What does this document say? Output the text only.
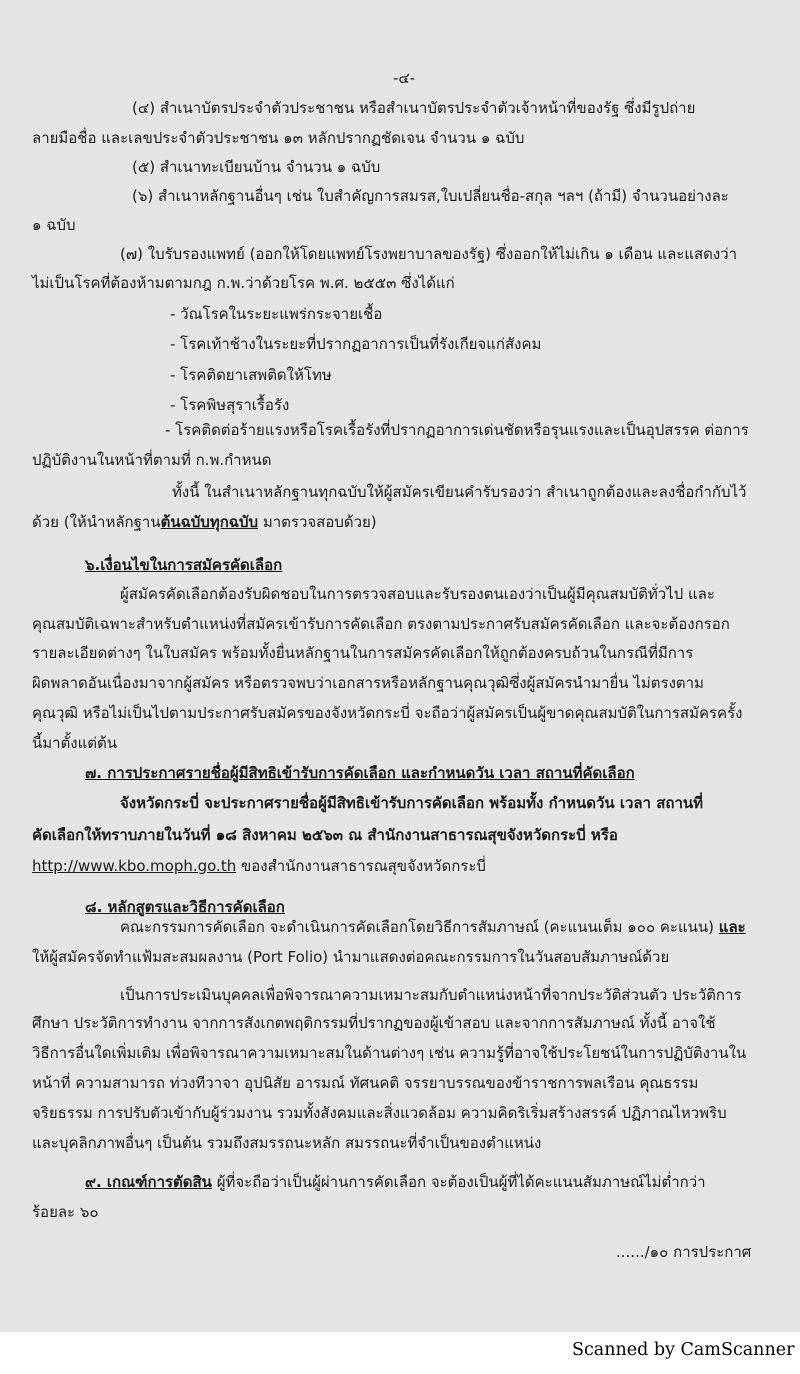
-๔-
(๔) สำเนาบัตรประจำตัวประชาชน หรือสำเนาบัตรประจำตัวเจ้าหน้าที่ของรัฐ ซึ่งมีรูปถ่าย
ลายมือชื่อ และเลขประจำตัวประชาชน ๑๓ หลักปรากฏชัดเจน จำนวน ๑ ฉบับ
(๕) สำเนาทะเบียนบ้าน จำนวน ๑ ฉบับ
(๖) สำเนาหลักฐานอื่นๆ เช่น ใบสำคัญการสมรส,ใบเปลี่ยนชื่อ-สกุล ฯลฯ (ถ้ามี) จำนวนอย่างละ
๑ ฉบับ
(๗) ใบรับรองแพทย์ (ออกให้โดยแพทย์โรงพยาบาลของรัฐ) ซึ่งออกให้ไม่เกิน ๑ เดือน และแสดงว่า
ไม่เป็นโรคที่ต้องห้ามตามกฎ ก.พ.ว่าด้วยโรค พ.ศ. ๒๕๕๓ ซึ่งได้แก่
- วัณโรคในระยะแพร่กระจายเชื้อ
- โรคเท้าช้างในระยะที่ปรากฏอาการเป็นที่รังเกียจแก่สังคม
- โรคติดยาเสพติดให้โทษ
- โรคพิษสุราเรื้อรัง
- โรคติดต่อร้ายแรงหรือโรคเรื้อรังที่ปรากฏอาการเด่นชัดหรือรุนแรงและเป็นอุปสรรค ต่อการ
ปฏิบัติงานในหน้าที่ตามที่ ก.พ.กำหนด
ทั้งนี้ ในสำเนาหลักฐานทุกฉบับให้ผู้สมัครเขียนคำรับรองว่า สำเนาถูกต้องและลงชื่อกำกับไว้
ด้วย (ให้นำหลักฐานต้นฉบับทุกฉบับ มาตรวจสอบด้วย)
๖.เงื่อนไขในการสมัครคัดเลือก
ผู้สมัครคัดเลือกต้องรับผิดชอบในการตรวจสอบและรับรองตนเองว่าเป็นผู้มีคุณสมบัติทั่วไป และ
คุณสมบัติเฉพาะสำหรับตำแหน่งที่สมัครเข้ารับการคัดเลือก ตรงตามประกาศรับสมัครคัดเลือก และจะต้องกรอก
รายละเอียดต่างๆ ในใบสมัคร พร้อมทั้งยื่นหลักฐานในการสมัครคัดเลือกให้ถูกต้องครบถ้วนในกรณีที่มีการ
ผิดพลาดอันเนื่องมาจากผู้สมัคร หรือตรวจพบว่าเอกสารหรือหลักฐานคุณวุฒิซึ่งผู้สมัครนำมายื่น ไม่ตรงตาม
คุณวุฒิ หรือไม่เป็นไปตามประกาศรับสมัครของจังหวัดกระบี่ จะถือว่าผู้สมัครเป็นผู้ขาดคุณสมบัติในการสมัครครั้ง
นี้มาตั้งแต่ต้น
๗. การประกาศรายชื่อผู้มีสิทธิเข้ารับการคัดเลือก และกำหนดวัน เวลา สถานที่คัดเลือก
จังหวัดกระบี่ จะประกาศรายชื่อผู้มีสิทธิเข้ารับการคัดเลือก พร้อมทั้ง กำหนดวัน เวลา สถานที่
คัดเลือกให้ทราบภายในวันที่ ๑๘ สิงหาคม ๒๕๖๓ ณ สำนักงานสาธารณสุขจังหวัดกระบี่ หรือ
http://www.kbo.moph.go.th ของสำนักงานสาธารณสุขจังหวัดกระบี่
๘. หลักสูตรและวิธีการคัดเลือก
คณะกรรมการคัดเลือก จะดำเนินการคัดเลือกโดยวิธีการสัมภาษณ์ (คะแนนเต็ม ๑๐๐ คะแนน) และ
ให้ผู้สมัครจัดทำแฟ้มสะสมผลงาน (Port Folio) นำมาแสดงต่อคณะกรรมการในวันสอบสัมภาษณ์ด้วย
เป็นการประเมินบุคคลเพื่อพิจารณาความเหมาะสมกับตำแหน่งหน้าที่จากประวัติส่วนตัว ประวัติการ
ศึกษา ประวัติการทำงาน จากการสังเกตพฤติกรรมที่ปรากฏของผู้เข้าสอบ และจากการสัมภาษณ์ ทั้งนี้ อาจใช้
วิธีการอื่นใดเพิ่มเติม เพื่อพิจารณาความเหมาะสมในด้านต่างๆ เช่น ความรู้ที่อาจใช้ประโยชน์ในการปฏิบัติงานใน
หน้าที่ ความสามารถ ท่วงทีวาจา อุปนิสัย อารมณ์ ทัศนคติ จรรยาบรรณของข้าราชการพลเรือน คุณธรรม
จริยธรรม การปรับตัวเข้ากับผู้ร่วมงาน รวมทั้งสังคมและสิ่งแวดล้อม ความคิดริเริ่มสร้างสรรค์ ปฏิภาณไหวพริบ
และบุคลิกภาพอื่นๆ เป็นต้น รวมถึงสมรรถนะหลัก สมรรถนะที่จำเป็นของตำแหน่ง
๙. เกณฑ์การตัดสิน ผู้ที่จะถือว่าเป็นผู้ผ่านการคัดเลือก จะต้องเป็นผู้ที่ได้คะแนนสัมภาษณ์ไม่ต่ำกว่า
ร้อยละ ๖๐
....../๑๐ การประกาศ
Scanned by CamScanner
